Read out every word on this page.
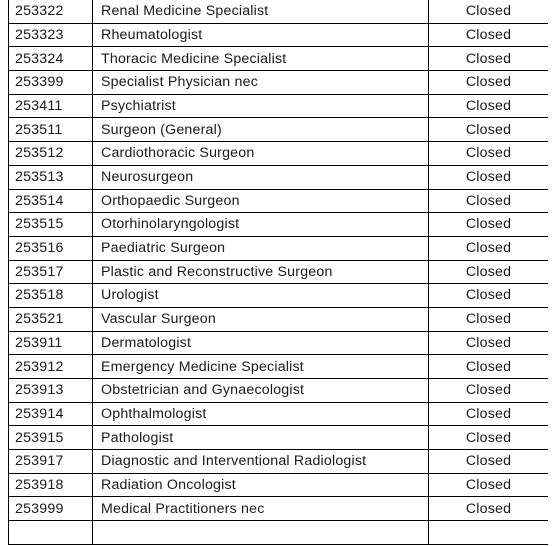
253322	Renal Medicine Specialist	Closed
253323	Rheumatologist	Closed
253324	Thoracic Medicine Specialist	Closed
253399	Specialist Physician nec	Closed
253411	Psychiatrist	Closed
253511	Surgeon (General)	Closed
253512	Cardiothoracic Surgeon	Closed
253513	Neurosurgeon	Closed
253514	Orthopaedic Surgeon	Closed
253515	Otorhinolaryngologist	Closed
253516	Paediatric Surgeon	Closed
253517	Plastic and Reconstructive Surgeon	Closed
253518	Urologist	Closed
253521	Vascular Surgeon	Closed
253911	Dermatologist	Closed
253912	Emergency Medicine Specialist	Closed
253913	Obstetrician and Gynaecologist	Closed
253914	Ophthalmologist	Closed
253915	Pathologist	Closed
253917	Diagnostic and Interventional Radiologist	Closed
253918	Radiation Oncologist	Closed
253999	Medical Practitioners nec	Closed
